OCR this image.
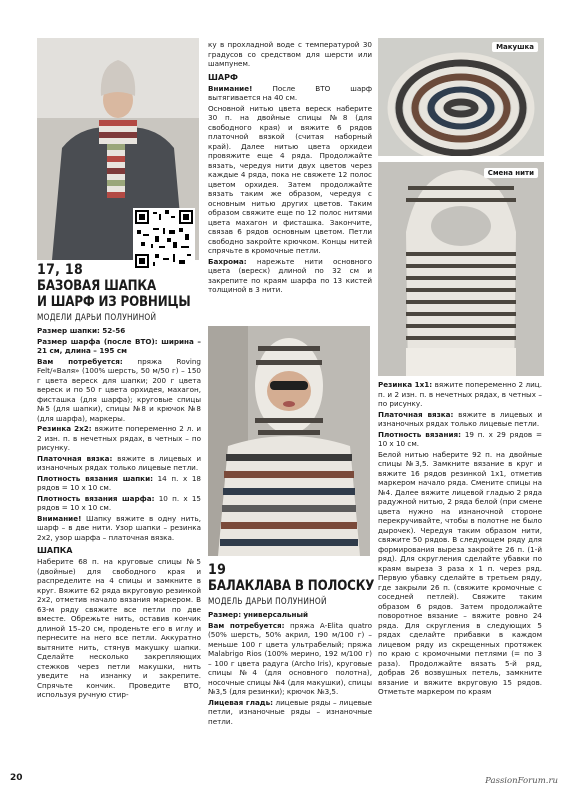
17, 18
БАЗОВАЯ ШАПКА
И ШАРФ ИЗ РОВНИЦЫ
МОДЕЛИ ДАРЬИ ПОЛУНИНОЙ

Размер шапки: 52-56

Размер шарфа (после ВТО): ширина – 21 см, длина – 195 см

Вам потребуется: пряжа Roving Felt/«Валя» (100% шерсть, 50 м/50 г) – 150 г цвета вереск для шапки; 200 г цвета вереск и по 50 г цвета орхидея, махагон, фисташка (для шарфа); круговые спицы №5 (для шапки), спицы №8 и крючок №8 (для шарфа), маркеры.

Резинка 2х2: вяжите попеременно 2 л. и 2 изн. п. в нечетных рядах, в четных – по рисунку.

Платочная вязка: вяжите в лицевых и изнаночных рядах только лицевые петли.

Плотность вязания шапки: 14 п. х 18 рядов = 10 х 10 см.

Плотность вязания шарфа: 10 п. х 15 рядов = 10 х 10 см.

Внимание! Шапку вяжите в одну нить, шарф – в две нити. Узор шапки – резинка 2х2, узор шарфа – платочная вязка.

ШАПКА

Наберите 68 п. на круговые спицы №5 (двойные) для свободного края и распределите на 4 спицы и замкните в круг. Вяжите 62 ряда вкруговую резинкой 2х2, отметив начало вязания маркером. В 63-м ряду свяжите все петли по две вместе. Обрежьте нить, оставив кончик длиной 15–20 см, проденьте его в иглу и пернесите на него все петли. Аккуратно вытяните нить, стянув макушку шапки. Сделайте несколько закрепляющих стежков через петли макушки, нить уведите на изнанку и закрепите. Спрячьте кончик. Проведите ВТО, используя ручную стир-

ку в прохладной воде с температурой 30 градусов со средством для шерсти или шампунем.

ШАРФ

Внимание!	После ВТО шарф вытягивается на 40 см.

Основной нитью цвета вереск наберите 30 п. на двойные спицы №8 (для свободного края) и вяжите 6 рядов платочной вязкой (считая наборный край). Далее нитью цвета орхидеи провяжите еще 4 ряда. Продолжайте вязать, чередуя нити двух цветов через каждые 4 ряда, пока не свяжете 12 полос цветом орхидея. Затем продолжайте вязать таким же образом, чередуя с основным нитью других цветов. Таким образом свяжите еще по 12 полос нитями цвета махагон и фисташка. Закончите, связав 6 рядов основным цветом. Петли свободно закройте крючком. Концы нитей спрячьте в кромочные петли.

Бахрома: нарежьте нити основного цвета (вереск) длиной по 32 см и закрепите по краям шарфа по 13 кистей толщиной в 3 нити.

19
БАЛАКЛАВА В ПОЛОСКУ
МОДЕЛЬ ДАРЬИ ПОЛУНИНОЙ

Размер: универсальный

Вам потребуется: пряжа A-Elita quatro (50% шерсть, 50% акрил, 190 м/100 г) – меньше 100 г цвета ультрабелый; пряжа Malabrigo Rios (100% мерино, 192 м/100 г) – 100 г цвета радуга (Archo Iris), круговые спицы №4 (для основного полотна), носочные спицы №4 (для макушки), спицы №3,5 (для резинки); крючок №3,5.

Лицевая гладь: лицевые ряды – лицевые петли, изнаночные ряды – изнаночные петли.

Макушка
Смена нити

Резинка 1х1: вяжите попеременно 2 лиц. п. и 2 изн. п. в нечетных рядах, в четных – по рисунку.

Платочная вязка: вяжите в лицевых и изнаночных рядах только лицевые петли.

Плотность вязания: 19 п. х 29 рядов = 10 х 10 см.

Белой нитью наберите 92 п. на двойные спицы №3,5. Замкните вязание в круг и вяжите 16 рядов резинкой 1х1, отметив маркером начало ряда. Смените спицы на №4. Далее вяжите лицевой гладью 2 ряда радужной нитью, 2 ряда белой (при смене цвета нужно на изнаночной стороне перекручивайте, чтобы в полотне не было дырочек). Чередуя таким образом нити, свяжите 50 рядов. В следующем ряду для формирования выреза закройте 26 п. (1-й ряд). Для скругления сделайте убавки по краям выреза 3 раза х 1 п. через ряд. Первую убавку сделайте в третьем ряду, где закрыли 26 п. (свяжите кромочные с соседней петлей). Свяжите таким образом 6 рядов. Затем продолжайте поворотное вязание – вяжите ровно 24 ряда. Для скругления в следующих 5 рядах сделайте прибавки в каждом лицевом ряду из скрещенных протяжек по краю с кромочными петлями (= по 3 раза). Продолжайте вязать 5-й ряд, добрав 26 возвушных петель, замкните вязание и вяжите вкруговую 15 рядов. Отметьте маркером по краям

20	PassionForum.ru
